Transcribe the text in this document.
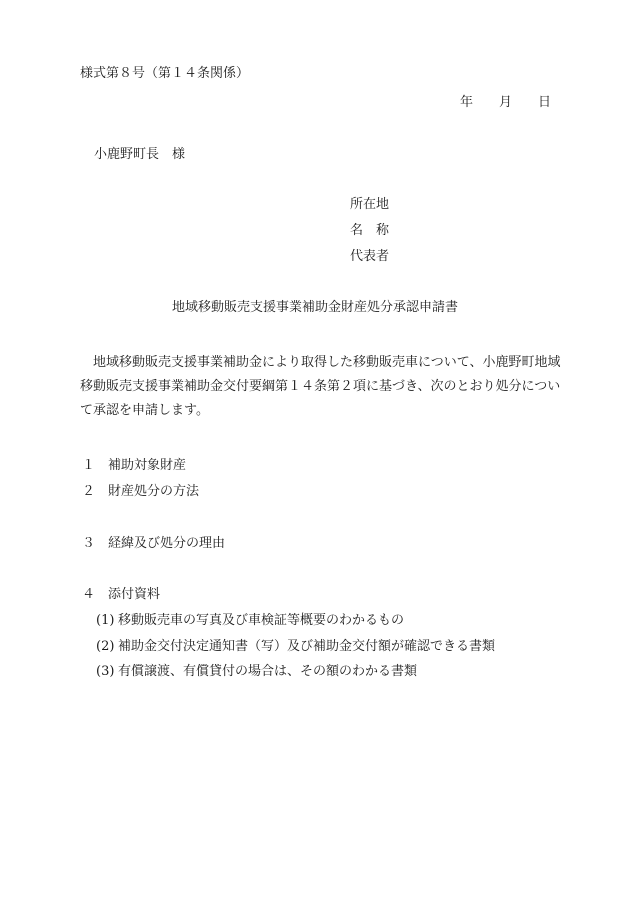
様式第８号（第１４条関係）
年　　月　　日
小鹿野町長　様
所在地
名　称
代表者
地域移動販売支援事業補助金財産処分承認申請書
地域移動販売支援事業補助金により取得した移動販売車について、小鹿野町地域移動販売支援事業補助金交付要綱第１４条第２項に基づき、次のとおり処分について承認を申請します。
１ 補助対象財産
２ 財産処分の方法
３ 経緯及び処分の理由
４ 添付資料
(1) 移動販売車の写真及び車検証等概要のわかるもの
(2) 補助金交付決定通知書（写）及び補助金交付額が確認できる書類
(3) 有償譲渡、有償貸付の場合は、その額のわかる書類
